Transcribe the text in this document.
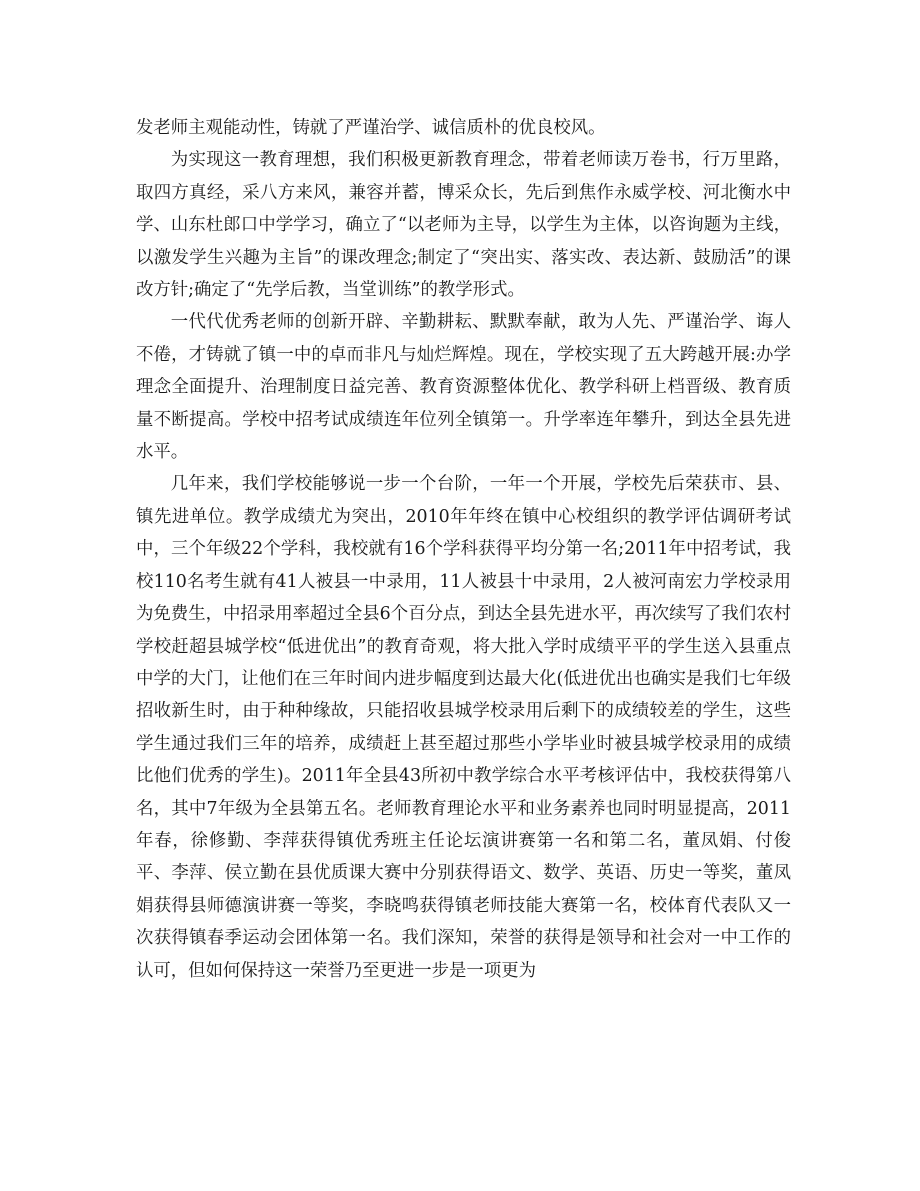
发老师主观能动性，铸就了严谨治学、诚信质朴的优良校风。

为实现这一教育理想，我们积极更新教育理念，带着老师读万卷书，行万里路，取四方真经，采八方来风，兼容并蓄，博采众长，先后到焦作永威学校、河北衡水中学、山东杜郎口中学学习，确立了“以老师为主导，以学生为主体，以咨询题为主线，以激发学生兴趣为主旨”的课改理念;制定了“突出实、落实改、表达新、鼓励活”的课改方针;确定了“先学后教，当堂训练”的教学形式。

一代代优秀老师的创新开辟、辛勤耕耘、默默奉献，敢为人先、严谨治学、诲人不倦，才铸就了镇一中的卓而非凡与灿烂辉煌。现在，学校实现了五大跨越开展:办学理念全面提升、治理制度日益完善、教育资源整体优化、教学科研上档晋级、教育质量不断提高。学校中招考试成绩连年位列全镇第一。升学率连年攀升，到达全县先进水平。

几年来，我们学校能够说一步一个台阶，一年一个开展，学校先后荣获市、县、镇先进单位。教学成绩尤为突出，2010年年终在镇中心校组织的教学评估调研考试中，三个年级22个学科，我校就有16个学科获得平均分第一名;2011年中招考试，我校110名考生就有41人被县一中录用，11人被县十中录用，2人被河南宏力学校录用为免费生，中招录用率超过全县6个百分点，到达全县先进水平，再次续写了我们农村学校赶超县城学校“低进优出”的教育奇观，将大批入学时成绩平平的学生送入县重点中学的大门，让他们在三年时间内进步幅度到达最大化(低进优出也确实是我们七年级招收新生时，由于种种缘故，只能招收县城学校录用后剩下的成绩较差的学生，这些学生通过我们三年的培养，成绩赶上甚至超过那些小学毕业时被县城学校录用的成绩比他们优秀的学生)。2011年全县43所初中教学综合水平考核评估中，我校获得第八名，其中7年级为全县第五名。老师教育理论水平和业务素养也同时明显提高，2011年春，徐修勤、李萍获得镇优秀班主任论坛演讲赛第一名和第二名，董凤娟、付俊平、李萍、侯立勤在县优质课大赛中分别获得语文、数学、英语、历史一等奖，董凤娟获得县师德演讲赛一等奖，李晓鸣获得镇老师技能大赛第一名，校体育代表队又一次获得镇春季运动会团体第一名。我们深知，荣誉的获得是领导和社会对一中工作的认可，但如何保持这一荣誉乃至更进一步是一项更为
